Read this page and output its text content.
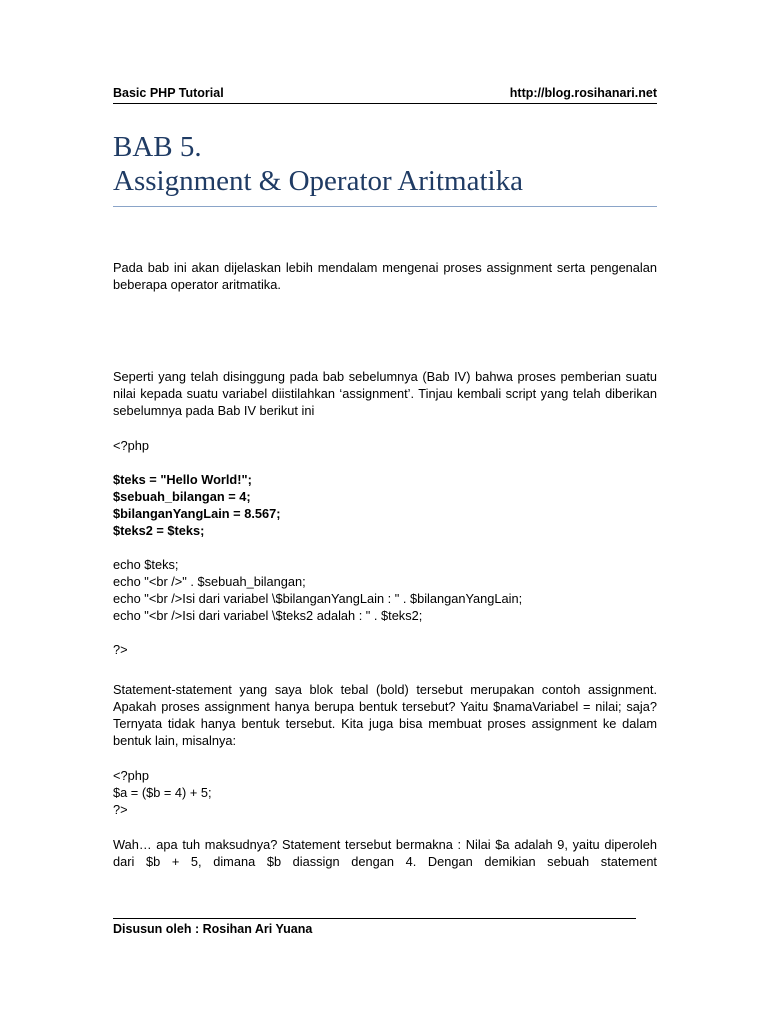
Basic PHP Tutorial	http://blog.rosihanari.net
BAB 5.
Assignment & Operator Aritmatika
Pada bab ini akan dijelaskan lebih mendalam mengenai proses assignment serta pengenalan beberapa operator aritmatika.
Seperti yang telah disinggung pada bab sebelumnya (Bab IV) bahwa proses pemberian suatu nilai kepada suatu variabel diistilahkan ‘assignment’. Tinjau kembali script yang telah diberikan sebelumnya pada Bab IV berikut ini
<?php
$teks = "Hello World!";
$sebuah_bilangan = 4;
$bilanganYangLain = 8.567;
$teks2 = $teks;
echo $teks;
echo "<br />" . $sebuah_bilangan;
echo "<br />Isi dari variabel \$bilanganYangLain : " . $bilanganYangLain;
echo "<br />Isi dari variabel \$teks2 adalah : " . $teks2;
?>
Statement-statement yang saya blok tebal (bold) tersebut merupakan contoh assignment. Apakah proses assignment hanya berupa bentuk tersebut? Yaitu $namaVariabel = nilai; saja? Ternyata tidak hanya bentuk tersebut. Kita juga bisa membuat proses assignment ke dalam bentuk lain, misalnya:
<?php
$a = ($b = 4) + 5;
?>
Wah… apa tuh maksudnya? Statement tersebut bermakna : Nilai $a adalah 9, yaitu diperoleh dari $b + 5, dimana $b diassign dengan 4. Dengan demikian sebuah statement
Disusun oleh : Rosihan Ari Yuana
